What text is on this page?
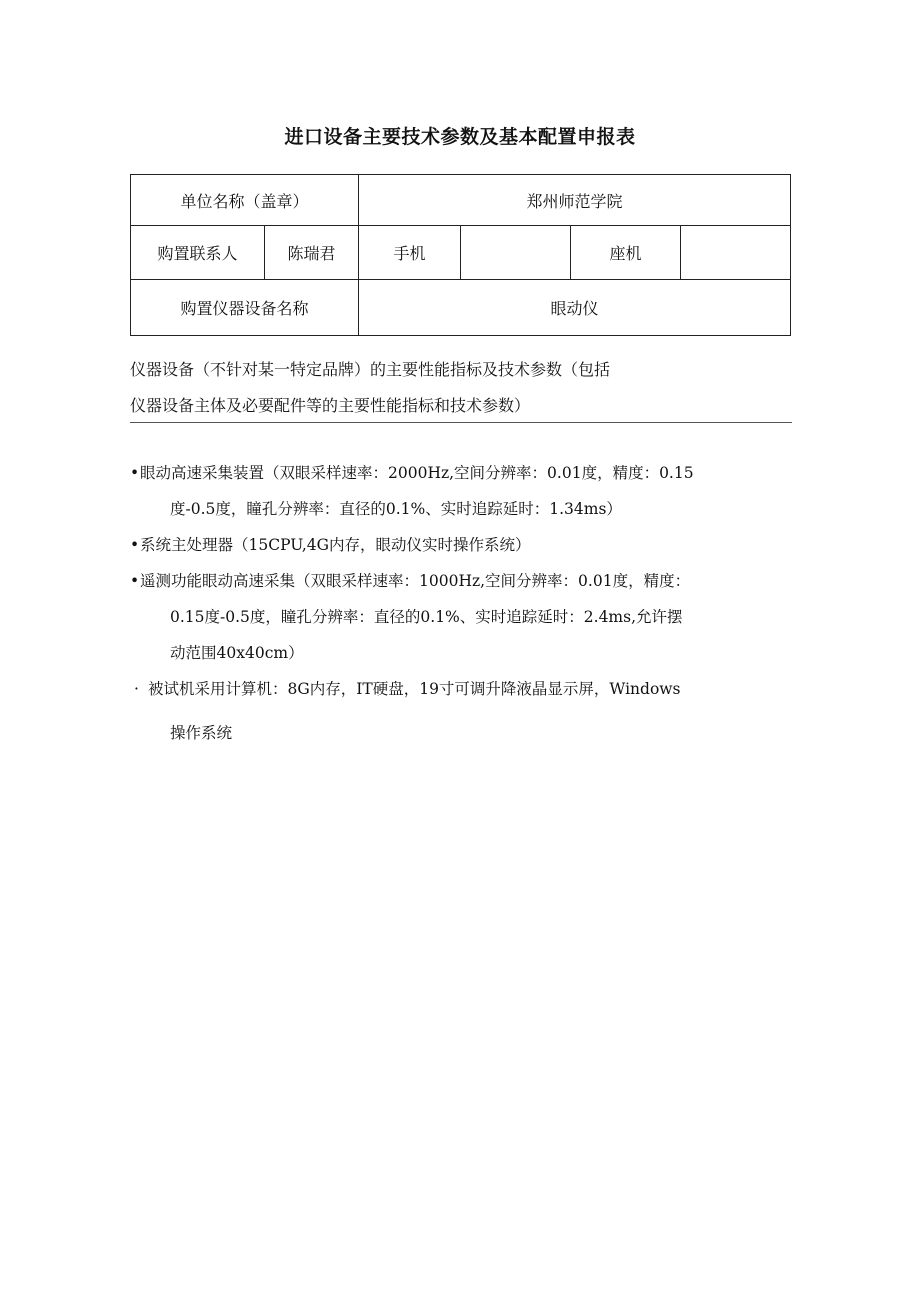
进口设备主要技术参数及基本配置申报表
单位名称（盖章）		郑州师范学院			
购置联系人	陈瑞君	手机		座机	
购置仪器设备名称		眼动仪			
仪器设备（不针对某一特定品牌）的主要性能指标及技术参数（包括
仪器设备主体及必要配件等的主要性能指标和技术参数）
• 眼动高速采集装置（双眼采样速率：2000Hz,空间分辨率：0.01度，精度：0.15
度-0.5度，瞳孔分辨率：直径的0.1%、实时追踪延时：1.34ms）
• 系统主处理器（15CPU,4G内存，眼动仪实时操作系统）
• 遥测功能眼动高速采集（双眼采样速率：1000Hz,空间分辨率：0.01度，精度：
0.15度-0.5度，瞳孔分辨率：直径的0.1%、实时追踪延时：2.4ms,允许摆
动范围40x40cm）
· 被试机采用计算机：8G内存，IT硬盘，19寸可调升降液晶显示屏，Windows
操作系统
